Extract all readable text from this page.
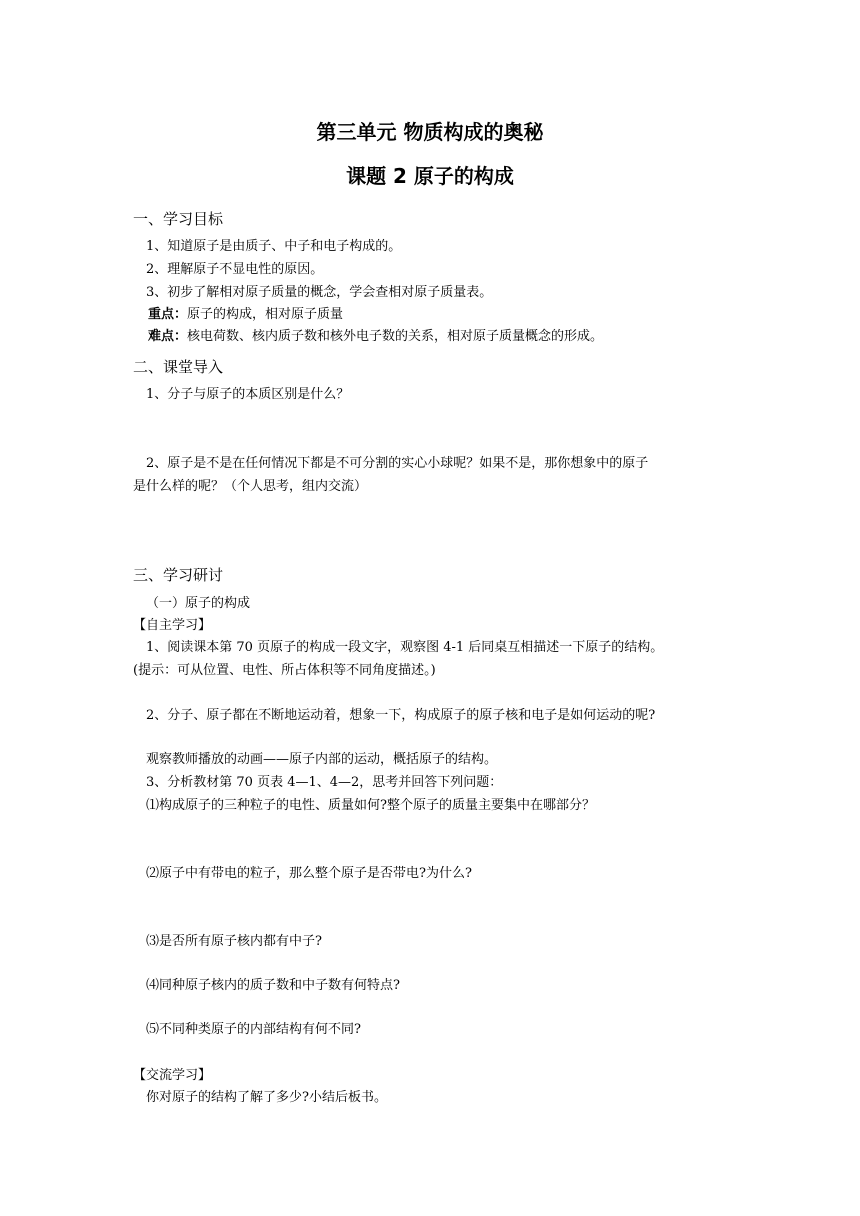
第三单元 物质构成的奥秘
课题 2 原子的构成
一、学习目标
1、知道原子是由质子、中子和电子构成的。
2、理解原子不显电性的原因。
3、初步了解相对原子质量的概念，学会查相对原子质量表。
重点：原子的构成，相对原子质量
难点：核电荷数、核内质子数和核外电子数的关系，相对原子质量概念的形成。
二、课堂导入
1、分子与原子的本质区别是什么？
2、原子是不是在任何情况下都是不可分割的实心小球呢？如果不是，那你想象中的原子
是什么样的呢？（个人思考，组内交流）
三、学习研讨
（一）原子的构成
【自主学习】
1、阅读课本第 70 页原子的构成一段文字，观察图 4-1 后同桌互相描述一下原子的结构。
(提示：可从位置、电性、所占体积等不同角度描述。)
2、分子、原子都在不断地运动着，想象一下，构成原子的原子核和电子是如何运动的呢?
观察教师播放的动画——原子内部的运动，概括原子的结构。
3、分析教材第 70 页表 4—1、4—2，思考并回答下列问题：
⑴构成原子的三种粒子的电性、质量如何?整个原子的质量主要集中在哪部分？
⑵原子中有带电的粒子，那么整个原子是否带电?为什么?
⑶是否所有原子核内都有中子?
⑷同种原子核内的质子数和中子数有何特点?
⑸不同种类原子的内部结构有何不同?
【交流学习】
你对原子的结构了解了多少?小结后板书。
